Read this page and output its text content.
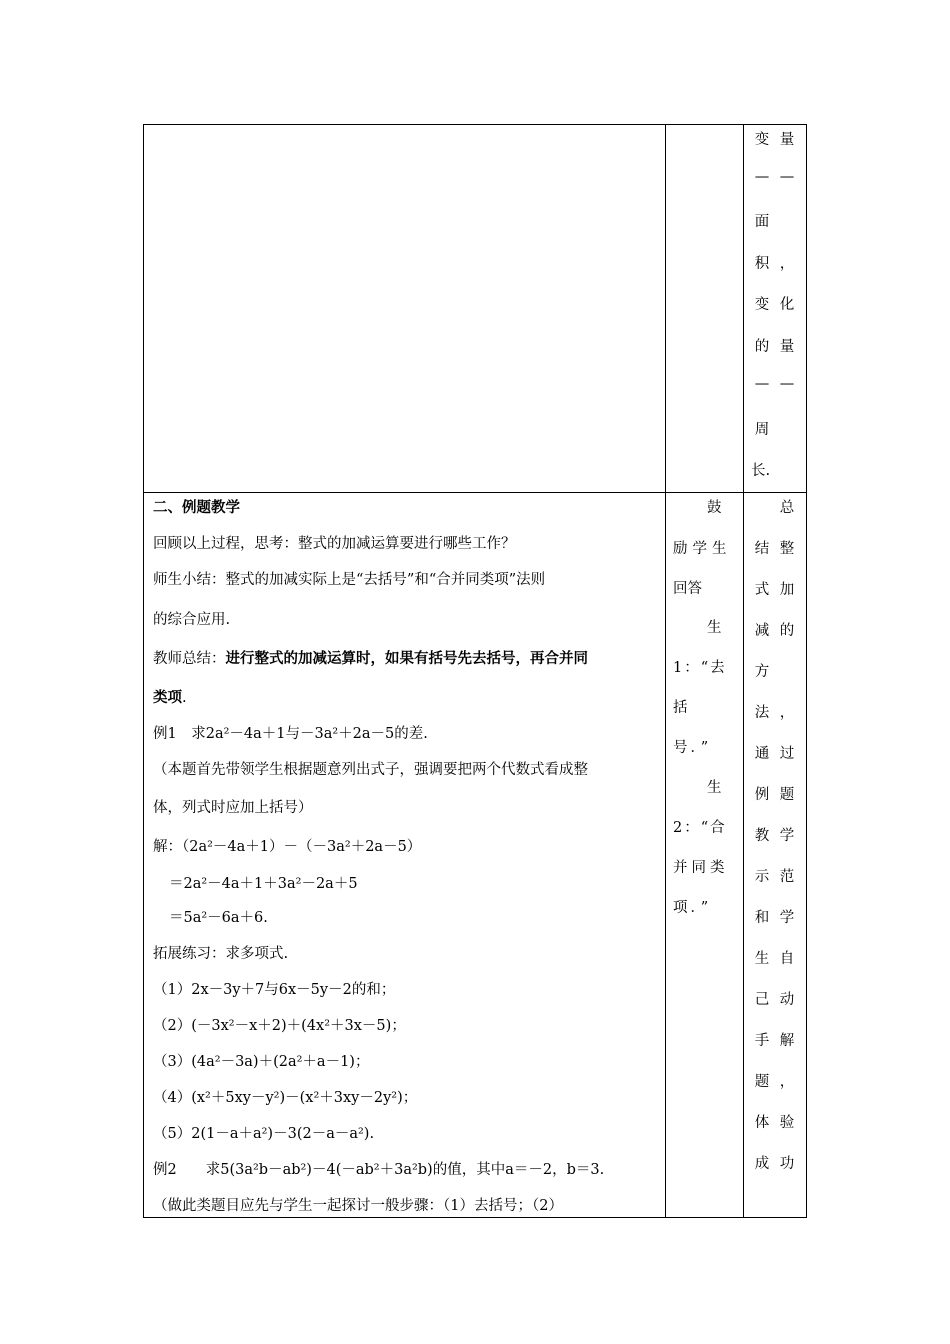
变 量
— —
面
积 ，
变 化
的 量
— —
周
长.
二、例题教学
回顾以上过程，思考：整式的加减运算要进行哪些工作？
师生小结：整式的加减实际上是“去括号”和“合并同类项”法则
的综合应用.
教师总结：进行整式的加减运算时，如果有括号先去括号，再合并同
类项.
例1　求2a²－4a＋1与－3a²＋2a－5的差.
（本题首先带领学生根据题意列出式子，强调要把两个代数式看成整
体，列式时应加上括号）
解：（2a²－4a＋1）－（－3a²＋2a－5）
＝2a²－4a＋1＋3a²－2a＋5
＝5a²－6a＋6.
拓展练习：求多项式.
（1）2x－3y＋7与6x－5y－2的和；
（2）(－3x²－x＋2)＋(4x²＋3x－5)；
（3）(4a²－3a)＋(2a²＋a－1)；
（4）(x²＋5xy－y²)－(x²＋3xy－2y²)；
（5）2(1－a＋a²)－3(2－a－a²).
例2　　求5(3a²b－ab²)－4(－ab²＋3a²b)的值，其中a＝－2，b＝3.
（做此类题目应先与学生一起探讨一般步骤：（1）去括号；（2）
鼓
励学生
回答
生
1：“去
括
号．”
生
2：“合
并同类
项．”
总
结 整
式 加
减 的
方
法 ，
通 过
例 题
教 学
示 范
和 学
生 自
己 动
手 解
题 ，
体 验
成 功
